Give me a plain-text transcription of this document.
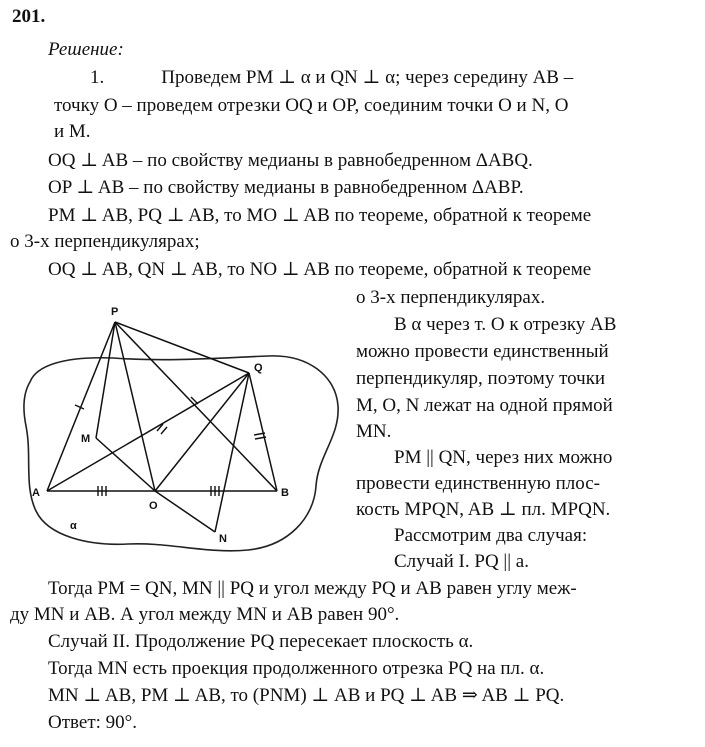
201.
Решение:
1.            Проведем PM ⊥ α и QN ⊥ α; через середину AB –
точку O – проведем отрезки OQ и OP, соединим точки O и N, O
и M.
OQ ⊥ AB – по свойству медианы в равнобедренном ΔABQ.
OP ⊥ AB – по свойству медианы в равнобедренном ΔABP.
PM ⊥ AB, PQ ⊥ AB, то MO ⊥ AB по теореме, обратной к теореме
о 3-х перпендикулярах;
OQ ⊥ AB, QN ⊥ AB, то NO ⊥ AB по теореме, обратной к теореме
о 3-х перпендикулярах.
В α через т. O к отрезку AB
можно провести единственный
перпендикуляр, поэтому точки
M, O, N лежат на одной прямой
MN.
PM || QN, через них можно
провести единственную плос-
кость MPQN, AB ⊥ пл. MPQN.
Рассмотрим два случая:
Случай I. PQ || a.
Тогда PM = QN, MN || PQ и угол между PQ и AB равен углу меж-
ду MN и AB. А угол между MN и AB равен 90°.
Случай II. Продолжение PQ пересекает плоскость α.
Тогда MN есть проекция продолженного отрезка PQ на пл. α.
MN ⊥ AB, PM ⊥ AB, то (PNM) ⊥ AB и PQ ⊥ AB ⇒ AB ⊥ PQ.
Ответ: 90°.
P
Q
M
A
O
B
N
α
